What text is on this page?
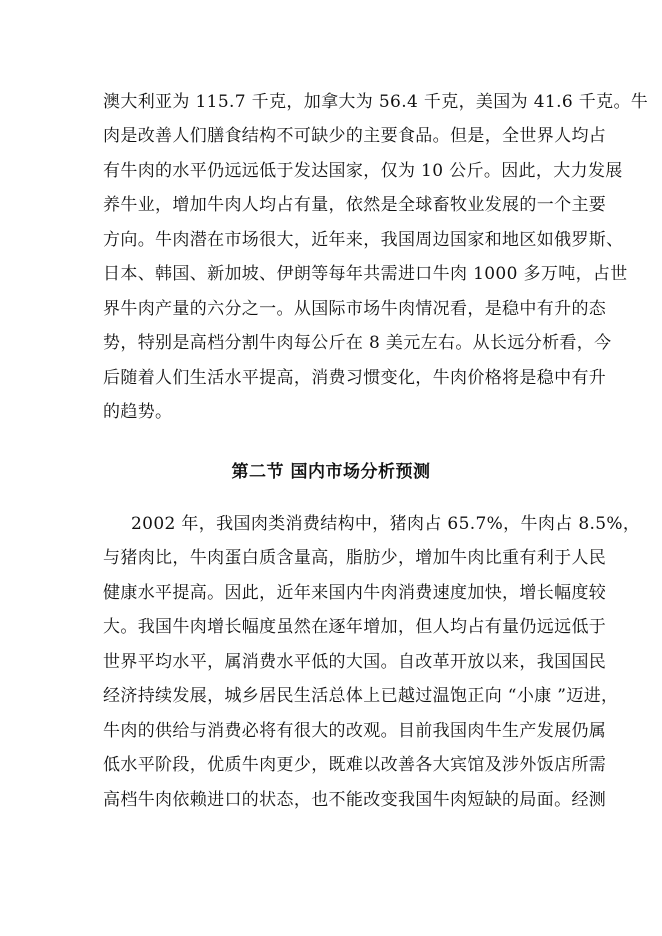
澳大利亚为 115.7 千克，加拿大为 56.4 千克，美国为 41.6 千克。牛
肉是改善人们膳食结构不可缺少的主要食品。但是，全世界人均占
有牛肉的水平仍远远低于发达国家，仅为 10 公斤。因此，大力发展
养牛业，增加牛肉人均占有量，依然是全球畜牧业发展的一个主要
方向。牛肉潜在市场很大，近年来，我国周边国家和地区如俄罗斯、
日本、韩国、新加坡、伊朗等每年共需进口牛肉 1000 多万吨，占世
界牛肉产量的六分之一。从国际市场牛肉情况看，是稳中有升的态
势，特别是高档分割牛肉每公斤在 8 美元左右。从长远分析看，今
后随着人们生活水平提高，消费习惯变化，牛肉价格将是稳中有升
的趋势。
第二节 国内市场分析预测
2002 年，我国肉类消费结构中，猪肉占 65.7%，牛肉占 8.5%，
与猪肉比，牛肉蛋白质含量高，脂肪少，增加牛肉比重有利于人民
健康水平提高。因此，近年来国内牛肉消费速度加快，增长幅度较
大。我国牛肉增长幅度虽然在逐年增加，但人均占有量仍远远低于
世界平均水平，属消费水平低的大国。自改革开放以来，我国国民
经济持续发展，城乡居民生活总体上已越过温饱正向 “小康 ”迈进，
牛肉的供给与消费必将有很大的改观。目前我国肉牛生产发展仍属
低水平阶段，优质牛肉更少，既难以改善各大宾馆及涉外饭店所需
高档牛肉依赖进口的状态，也不能改变我国牛肉短缺的局面。经测
